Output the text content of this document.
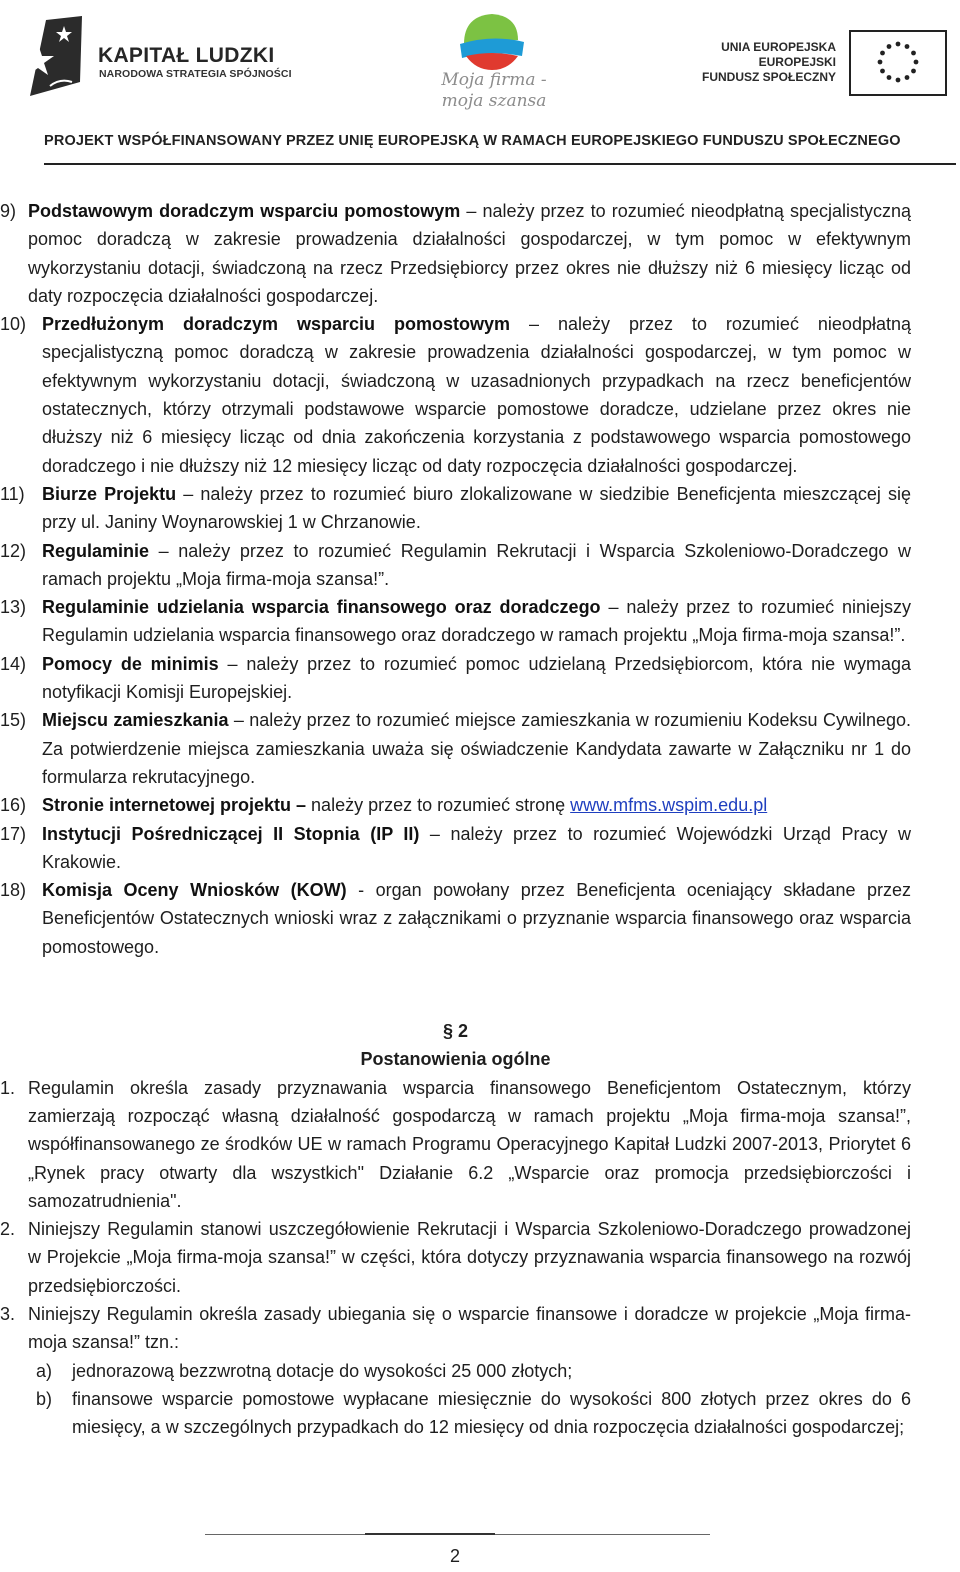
KAPITAŁ LUDZKI
NARODOWA STRATEGIA SPÓJNOŚCI	Moja firma -
moja szansa
UNIA EUROPEJSKA
EUROPEJSKI
FUNDUSZ SPOŁECZNY
PROJEKT WSPÓŁFINANSOWANY PRZEZ UNIĘ EUROPEJSKĄ W RAMACH EUROPEJSKIEGO FUNDUSZU SPOŁECZNEGO
9) Podstawowym doradczym wsparciu pomostowym – należy przez to rozumieć nieodpłatną specjalistyczną pomoc doradczą w zakresie prowadzenia działalności gospodarczej, w tym pomoc w efektywnym wykorzystaniu dotacji, świadczoną na rzecz Przedsiębiorcy przez okres nie dłuższy niż 6 miesięcy licząc od daty rozpoczęcia działalności gospodarczej.
10) Przedłużonym doradczym wsparciu pomostowym – należy przez to rozumieć nieodpłatną specjalistyczną pomoc doradczą w zakresie prowadzenia działalności gospodarczej, w tym pomoc w efektywnym wykorzystaniu dotacji, świadczoną w uzasadnionych przypadkach na rzecz beneficjentów ostatecznych, którzy otrzymali podstawowe wsparcie pomostowe doradcze, udzielane przez okres nie dłuższy niż 6 miesięcy licząc od dnia zakończenia korzystania z podstawowego wsparcia pomostowego doradczego i nie dłuższy niż 12 miesięcy licząc od daty rozpoczęcia działalności gospodarczej.
11) Biurze Projektu – należy przez to rozumieć biuro zlokalizowane w siedzibie Beneficjenta mieszczącej się przy ul. Janiny Woynarowskiej 1 w Chrzanowie.
12) Regulaminie – należy przez to rozumieć Regulamin Rekrutacji i Wsparcia Szkoleniowo-Doradczego w ramach projektu „Moja firma-moja szansa!”.
13) Regulaminie udzielania wsparcia finansowego oraz doradczego – należy przez to rozumieć niniejszy Regulamin udzielania wsparcia finansowego oraz doradczego w ramach projektu „Moja firma-moja szansa!”.
14) Pomocy de minimis – należy przez to rozumieć pomoc udzielaną Przedsiębiorcom, która nie wymaga notyfikacji Komisji Europejskiej.
15) Miejscu zamieszkania – należy przez to rozumieć miejsce zamieszkania w rozumieniu Kodeksu Cywilnego. Za potwierdzenie miejsca zamieszkania uważa się oświadczenie Kandydata zawarte w Załączniku nr 1 do formularza rekrutacyjnego.
16) Stronie internetowej projektu – należy przez to rozumieć stronę www.mfms.wspim.edu.pl
17) Instytucji Pośredniczącej II Stopnia (IP II) – należy przez to rozumieć Wojewódzki Urząd Pracy w Krakowie.
18) Komisja Oceny Wniosków (KOW) - organ powołany przez Beneficjenta oceniający składane przez Beneficjentów Ostatecznych wnioski wraz z załącznikami o przyznanie wsparcia finansowego oraz wsparcia pomostowego.
§ 2
Postanowienia ogólne
1. Regulamin określa zasady przyznawania wsparcia finansowego Beneficjentom Ostatecznym, którzy zamierzają rozpocząć własną działalność gospodarczą w ramach projektu „Moja firma-moja szansa!”, współfinansowanego ze środków UE w ramach Programu Operacyjnego Kapitał Ludzki 2007-2013, Priorytet 6 „Rynek pracy otwarty dla wszystkich" Działanie 6.2 „Wsparcie oraz promocja przedsiębiorczości i samozatrudnienia".
2. Niniejszy Regulamin stanowi uszczegółowienie Rekrutacji i Wsparcia Szkoleniowo-Doradczego prowadzonej w Projekcie „Moja firma-moja szansa!” w części, która dotyczy przyznawania wsparcia finansowego na rozwój przedsiębiorczości.
3. Niniejszy Regulamin określa zasady ubiegania się o wsparcie finansowe i doradcze w projekcie „Moja firma-moja szansa!” tzn.:
a) jednorazową bezzwrotną dotacje do wysokości 25 000 złotych;
b) finansowe wsparcie pomostowe wypłacane miesięcznie do wysokości 800 złotych przez okres do 6 miesięcy, a w szczególnych przypadkach do 12 miesięcy od dnia rozpoczęcia działalności gospodarczej;
2
